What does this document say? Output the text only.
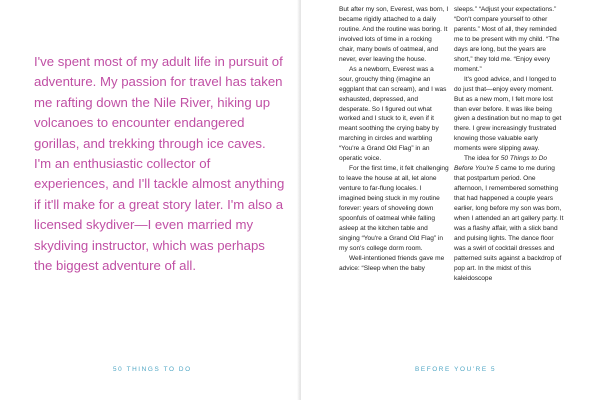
I've spent most of my adult life in pursuit of adventure. My passion for travel has taken me rafting down the Nile River, hiking up volcanoes to encounter endangered gorillas, and trekking through ice caves. I'm an enthusiastic collector of experiences, and I'll tackle almost anything if it'll make for a great story later. I'm also a licensed skydiver—I even married my skydiving instructor, which was perhaps the biggest adventure of all.

50 THINGS TO DO

But after my son, Everest, was born, I became rigidly attached to a daily routine. And the routine was boring. It involved lots of time in a rocking chair, many bowls of oatmeal, and never, ever leaving the house.

As a newborn, Everest was a sour, grouchy thing (imagine an eggplant that can scream), and I was exhausted, depressed, and desperate. So I figured out what worked and I stuck to it, even if it meant soothing the crying baby by marching in circles and warbling “You're a Grand Old Flag” in an operatic voice.

For the first time, it felt challenging to leave the house at all, let alone venture to far-flung locales. I imagined being stuck in my routine forever: years of shoveling down spoonfuls of oatmeal while falling asleep at the kitchen table and singing “You're a Grand Old Flag” in my son's college dorm room.

Well-intentioned friends gave me advice: “Sleep when the baby

sleeps.” “Adjust your expectations.” “Don't compare yourself to other parents.” Most of all, they reminded me to be present with my child. “The days are long, but the years are short,” they told me. “Enjoy every moment.”

It's good advice, and I longed to do just that—enjoy every moment. But as a new mom, I felt more lost than ever before. It was like being given a destination but no map to get there. I grew increasingly frustrated knowing those valuable early moments were slipping away.

The idea for 50 Things to Do Before You're 5 came to me during that postpartum period. One afternoon, I remembered something that had happened a couple years earlier, long before my son was born, when I attended an art gallery party. It was a flashy affair, with a slick band and pulsing lights. The dance floor was a swirl of cocktail dresses and patterned suits against a backdrop of pop art. In the midst of this kaleidoscope

BEFORE YOU'RE 5
